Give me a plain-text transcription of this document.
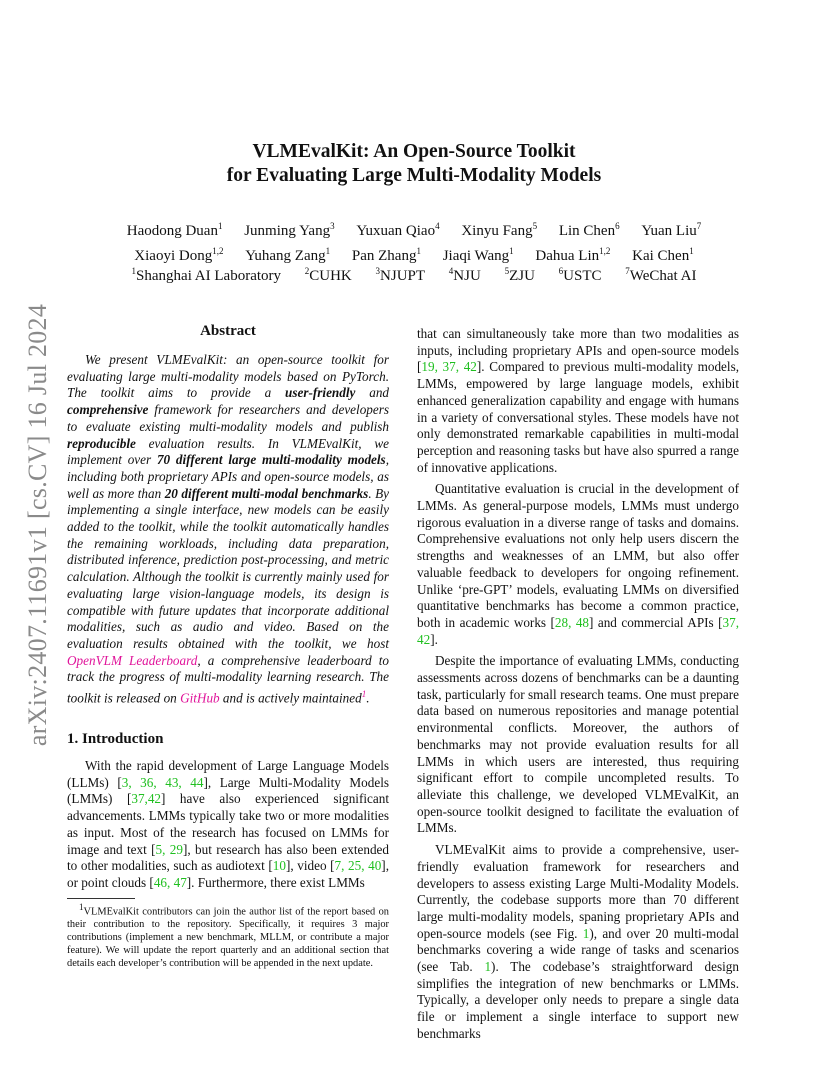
arXiv:2407.11691v1 [cs.CV] 16 Jul 2024
VLMEvalKit: An Open-Source Toolkit
for Evaluating Large Multi-Modality Models
Haodong Duan$^1$ Junming Yang$^3$ Yuxuan Qiao$^4$ Xinyu Fang$^5$ Lin Chen$^6$ Yuan Liu$^7$
Xiaoyi Dong$^{1,2}$ Yuhang Zang$^1$ Pan Zhang$^1$ Jiaqi Wang$^1$ Dahua Lin$^{1,2}$ Kai Chen$^1$
$^1$Shanghai AI Laboratory	$^2$CUHK	$^3$NJUPT	$^4$NJU	$^5$ZJU	$^6$USTC	$^7$WeChat AI
Abstract
We present VLMEvalKit: an open-source toolkit for evaluating large multi-modality models based on PyTorch. The toolkit aims to provide a user-friendly and comprehensive framework for researchers and developers to evaluate existing multi-modality models and publish reproducible evaluation results. In VLMEvalKit, we implement over 70 different large multi-modality models, including both proprietary APIs and open-source models, as well as more than 20 different multi-modal benchmarks. By implementing a single interface, new models can be easily added to the toolkit, while the toolkit automatically handles the remaining workloads, including data preparation, distributed inference, prediction post-processing, and metric calculation. Although the toolkit is currently mainly used for evaluating large vision-language models, its design is compatible with future updates that incorporate additional modalities, such as audio and video. Based on the evaluation results obtained with the toolkit, we host OpenVLM Leaderboard, a comprehensive leaderboard to track the progress of multi-modality learning research. The toolkit is released on GitHub and is actively maintained$^1$.
1. Introduction
With the rapid development of Large Language Models (LLMs) [3, 36, 43, 44], Large Multi-Modality Models (LMMs) [37,42] have also experienced significant advancements. LMMs typically take two or more modalities as input. Most of the research has focused on LMMs for image and text [5, 29], but research has also been extended to other modalities, such as audiotext [10], video [7, 25, 40], or point clouds [46, 47]. Furthermore, there exist LMMs
$^1$VLMEvalKit contributors can join the author list of the report based on their contribution to the repository. Specifically, it requires 3 major contributions (implement a new benchmark, MLLM, or contribute a major feature). We will update the report quarterly and an additional section that details each developer’s contribution will be appended in the next update.

that can simultaneously take more than two modalities as inputs, including proprietary APIs and open-source models [19, 37, 42]. Compared to previous multi-modality models, LMMs, empowered by large language models, exhibit enhanced generalization capability and engage with humans in a variety of conversational styles. These models have not only demonstrated remarkable capabilities in multi-modal perception and reasoning tasks but have also spurred a range of innovative applications.

Quantitative evaluation is crucial in the development of LMMs. As general-purpose models, LMMs must undergo rigorous evaluation in a diverse range of tasks and domains. Comprehensive evaluations not only help users discern the strengths and weaknesses of an LMM, but also offer valuable feedback to developers for ongoing refinement. Unlike ‘pre-GPT’ models, evaluating LMMs on diversified quantitative benchmarks has become a common practice, both in academic works [28, 48] and commercial APIs [37, 42].

Despite the importance of evaluating LMMs, conducting assessments across dozens of benchmarks can be a daunting task, particularly for small research teams. One must prepare data based on numerous repositories and manage potential environmental conflicts. Moreover, the authors of benchmarks may not provide evaluation results for all LMMs in which users are interested, thus requiring significant effort to compile uncompleted results. To alleviate this challenge, we developed VLMEvalKit, an open-source toolkit designed to facilitate the evaluation of LMMs.

VLMEvalKit aims to provide a comprehensive, user-friendly evaluation framework for researchers and developers to assess existing Large Multi-Modality Models. Currently, the codebase supports more than 70 different large multi-modality models, spaning proprietary APIs and open-source models (see Fig. 1), and over 20 multi-modal benchmarks covering a wide range of tasks and scenarios (see Tab. 1). The codebase’s straightforward design simplifies the integration of new benchmarks or LMMs. Typically, a developer only needs to prepare a single data file or implement a single interface to support new benchmarks
